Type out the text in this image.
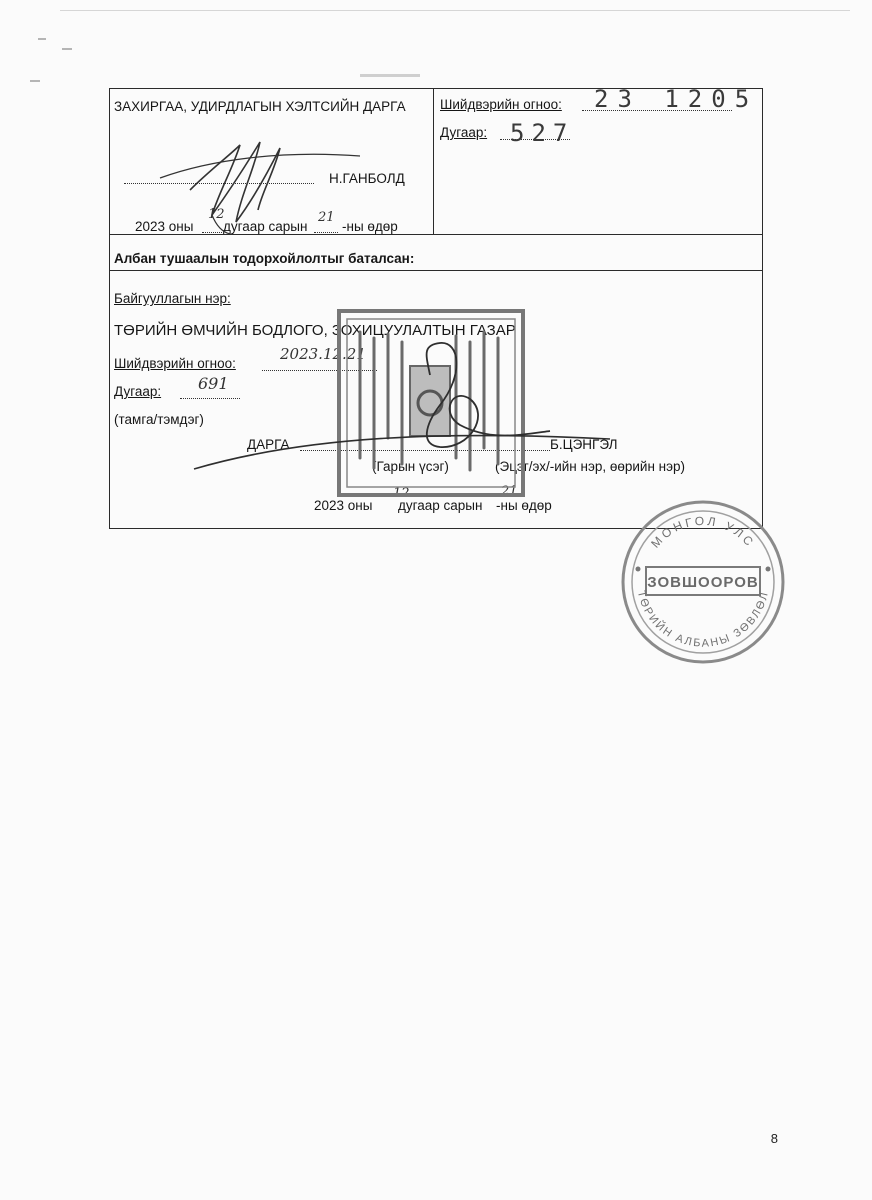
ЗАХИРГАА, УДИРДЛАГЫН ХЭЛТСИЙН ДАРГА
Н.ГАНБОЛД
2023 оны
12
дугаар сарын
21
-ны өдөр
Шийдвэрийн огноо: 23 1205
Дугаар: 527
Албан тушаалын тодорхойлолтыг баталсан:
Байгууллагын нэр:
ТӨРИЙН ӨМЧИЙН БОДЛОГО, ЗОХИЦУУЛАЛТЫН ГАЗАР
Шийдвэрийн огноо:
2023.12.21
Дугаар: 691
(тамга/тэмдэг)
ДАРГА	Б.ЦЭНГЭЛ
(Гарын үсэг)	(Эцэг/эх/-ийн нэр, өөрийн нэр)
2023 оны
12
дугаар сарын
21
-ны өдөр
МОНГОЛ УЛС
ЗОВШООРОВ
ТӨРИЙН АЛБАНЫ ЗӨВЛӨЛ
8
